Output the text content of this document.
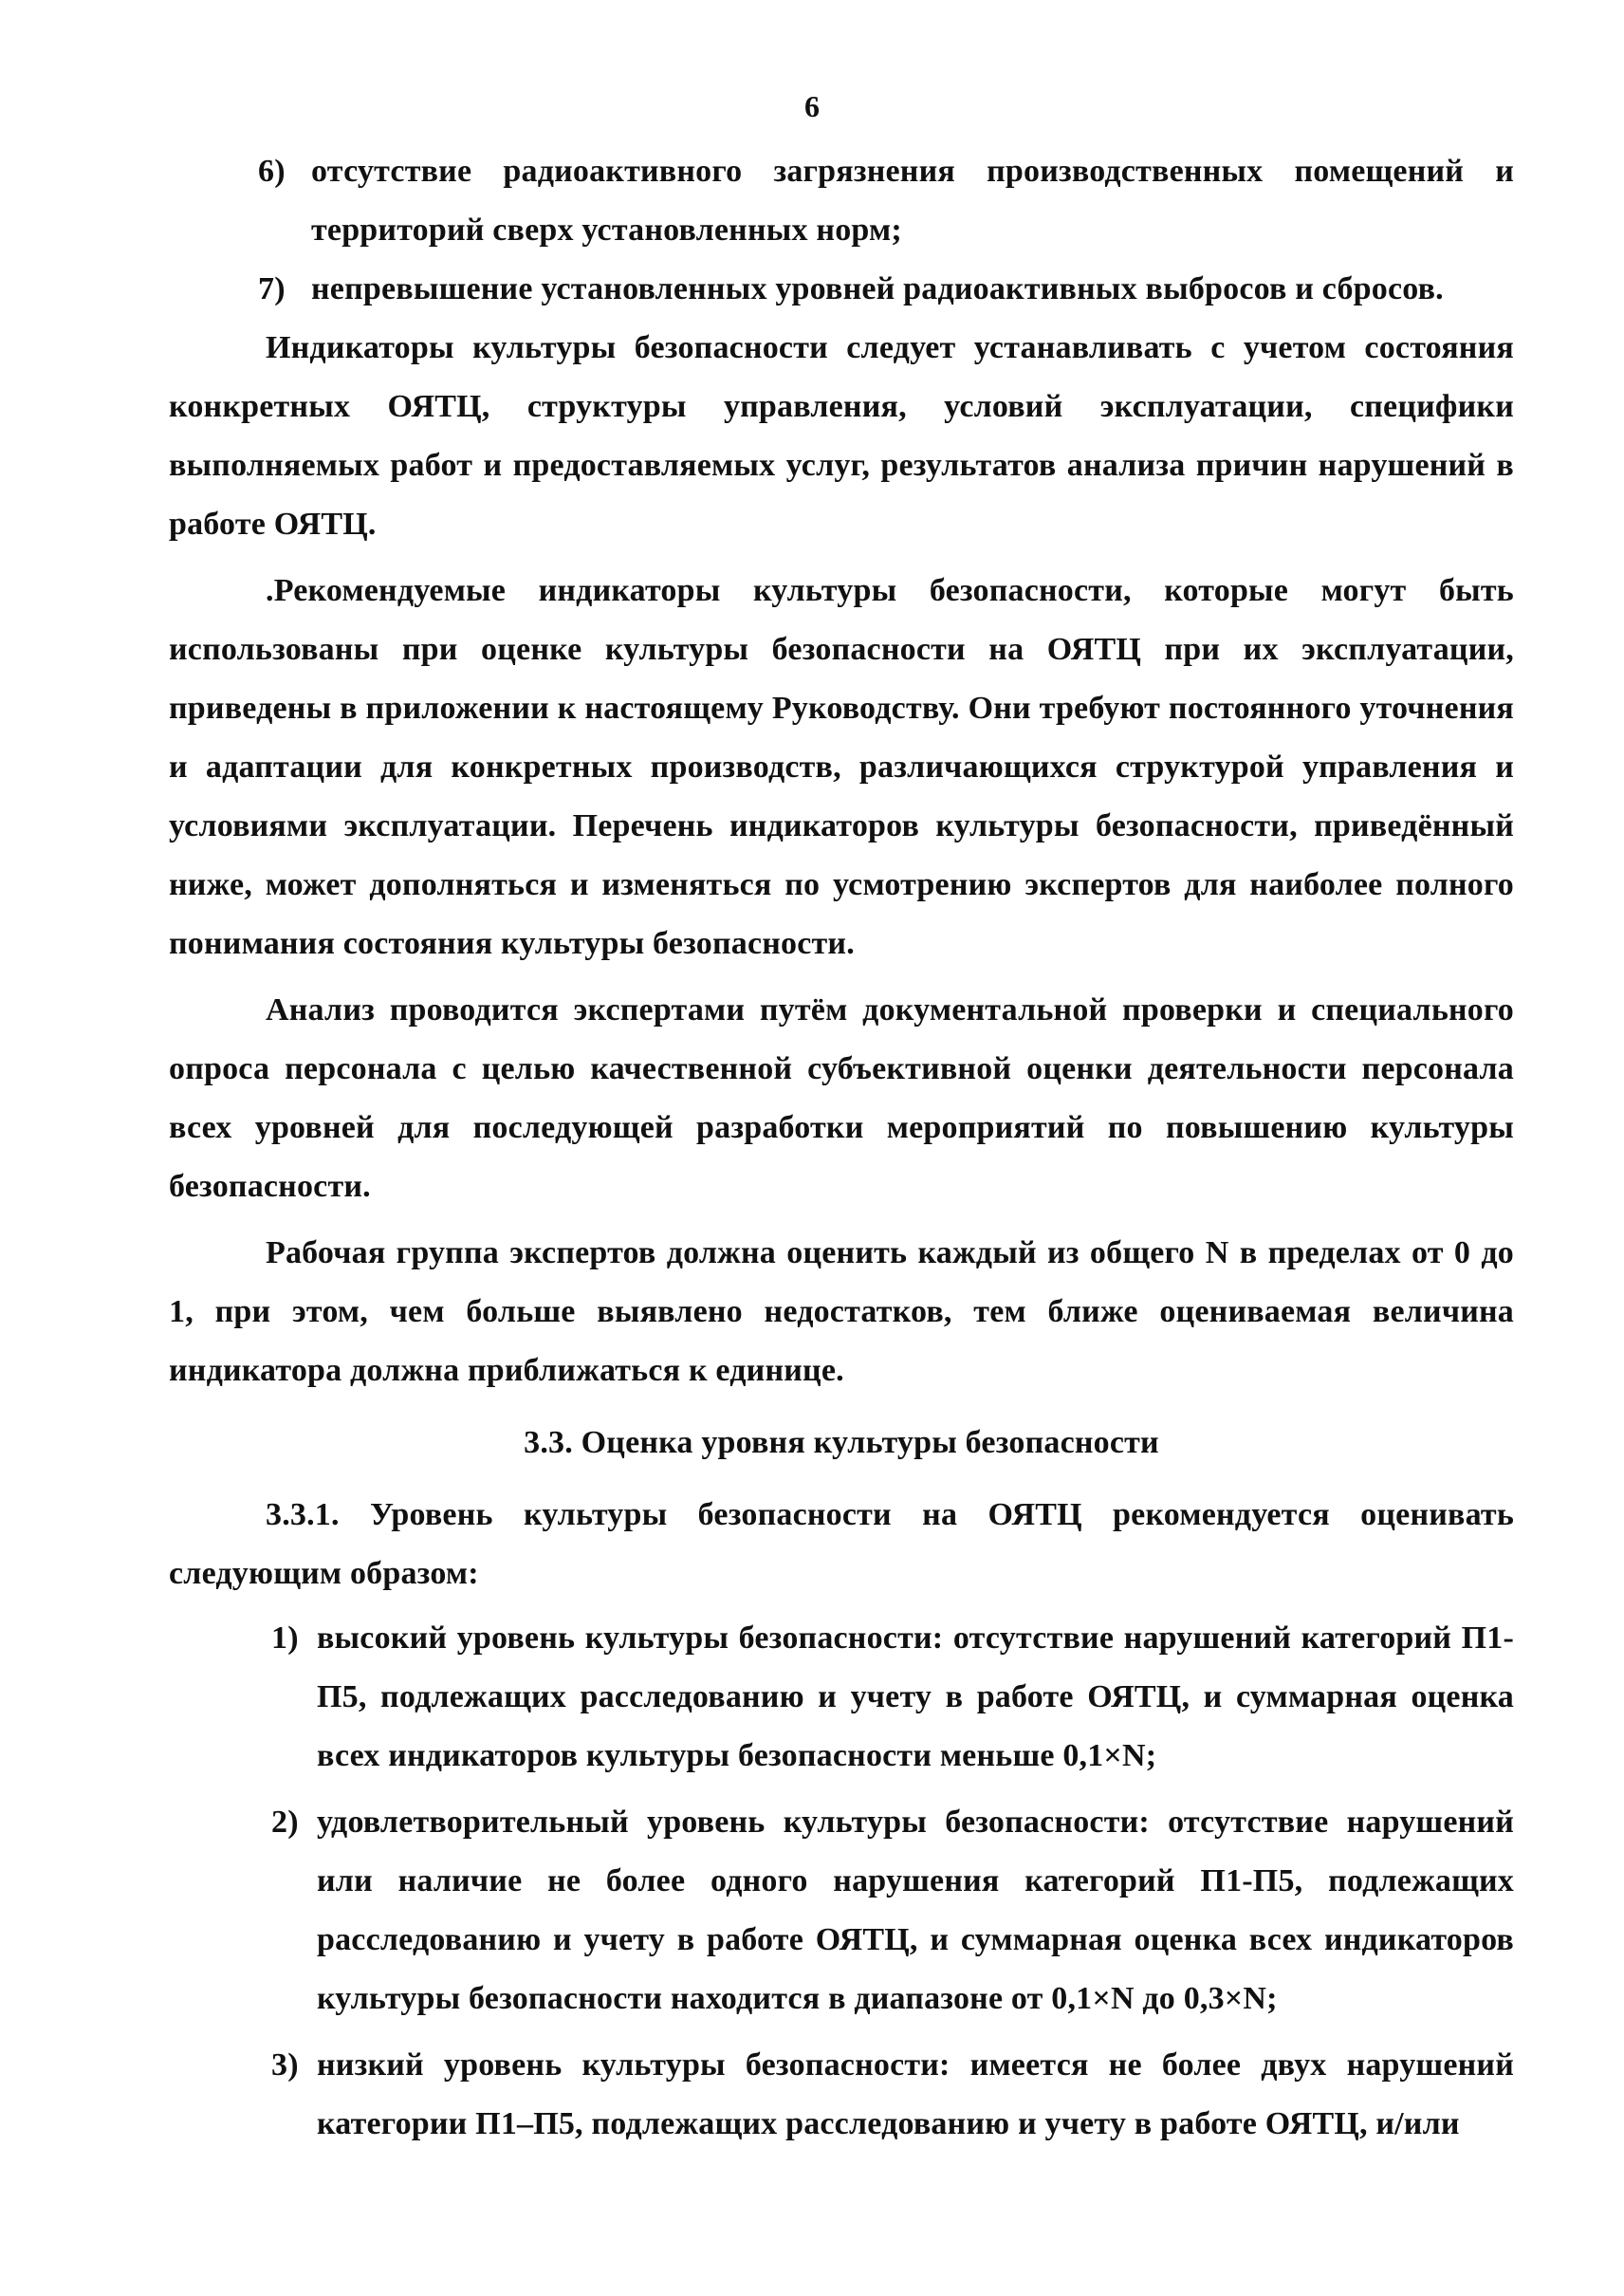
6
6) отсутствие радиоактивного загрязнения производственных помещений и территорий сверх установленных норм;
7) непревышение установленных уровней радиоактивных выбросов и сбросов.

Индикаторы культуры безопасности следует устанавливать с учетом состояния конкретных ОЯТЦ, структуры управления, условий эксплуатации, специфики выполняемых работ и предоставляемых услуг, результатов анализа причин нарушений в работе ОЯТЦ.

.Рекомендуемые индикаторы культуры безопасности, которые могут быть использованы при оценке культуры безопасности на ОЯТЦ при их эксплуатации, приведены в приложении к настоящему Руководству. Они требуют постоянного уточнения и адаптации для конкретных производств, различающихся структурой управления и условиями эксплуатации. Перечень индикаторов культуры безопасности, приведённый ниже, может дополняться и изменяться по усмотрению экспертов для наиболее полного понимания состояния культуры безопасности.

Анализ проводится экспертами путём документальной проверки и специального опроса персонала с целью качественной субъективной оценки деятельности персонала всех уровней для последующей разработки мероприятий по повышению культуры безопасности.

Рабочая группа экспертов должна оценить каждый из общего N в пределах от 0 до 1, при этом, чем больше выявлено недостатков, тем ближе оцениваемая величина индикатора должна приближаться к единице.

3.3. Оценка уровня культуры безопасности

3.3.1. Уровень культуры безопасности на ОЯТЦ рекомендуется оценивать следующим образом:

1) высокий уровень культуры безопасности: отсутствие нарушений категорий П1-П5, подлежащих расследованию и учету в работе ОЯТЦ, и суммарная оценка всех индикаторов культуры безопасности меньше 0,1×N;
2) удовлетворительный уровень культуры безопасности: отсутствие нарушений или наличие не более одного нарушения категорий П1-П5, подлежащих расследованию и учету в работе ОЯТЦ, и суммарная оценка всех индикаторов культуры безопасности находится в диапазоне от 0,1×N до 0,3×N;
3) низкий уровень культуры безопасности: имеется не более двух нарушений категории П1–П5, подлежащих расследованию и учету в работе ОЯТЦ, и/или
